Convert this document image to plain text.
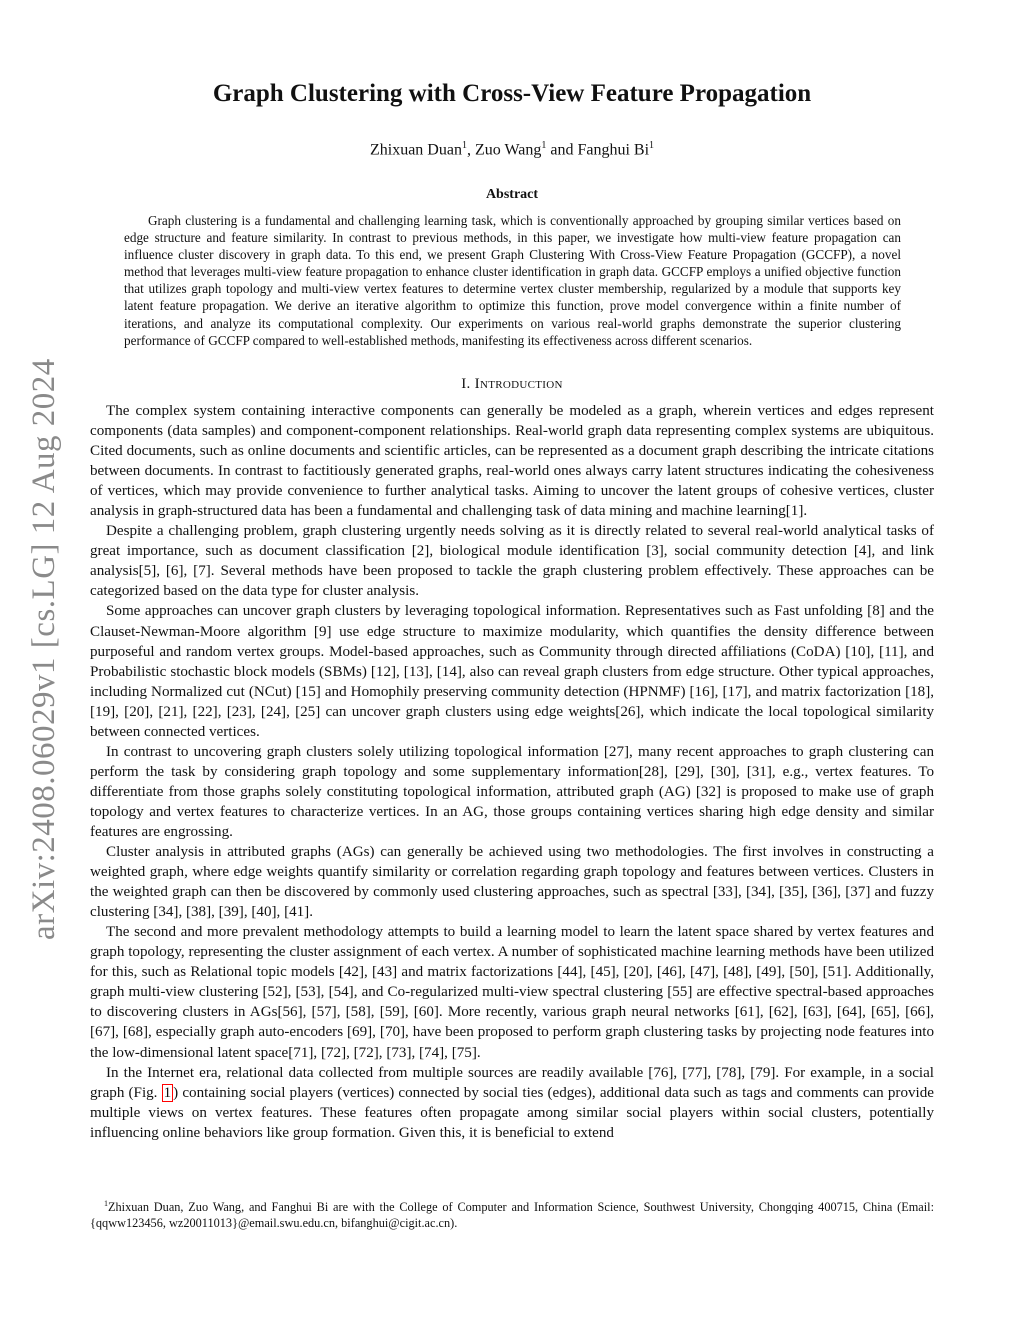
arXiv:2408.06029v1 [cs.LG] 12 Aug 2024
Graph Clustering with Cross-View Feature Propagation
Zhixuan Duan$^1$, Zuo Wang$^1$ and Fanghui Bi$^1$
Abstract

Graph clustering is a fundamental and challenging learning task, which is conventionally approached by grouping similar vertices based on edge structure and feature similarity. In contrast to previous methods, in this paper, we investigate how multi-view feature propagation can influence cluster discovery in graph data. To this end, we present Graph Clustering With Cross-View Feature Propagation (GCCFP), a novel method that leverages multi-view feature propagation to enhance cluster identification in graph data. GCCFP employs a unified objective function that utilizes graph topology and multi-view vertex features to determine vertex cluster membership, regularized by a module that supports key latent feature propagation. We derive an iterative algorithm to optimize this function, prove model convergence within a finite number of iterations, and analyze its computational complexity. Our experiments on various real-world graphs demonstrate the superior clustering performance of GCCFP compared to well-established methods, manifesting its effectiveness across different scenarios.

I. Introduction

The complex system containing interactive components can generally be modeled as a graph, wherein vertices and edges represent components (data samples) and component-component relationships. Real-world graph data representing complex systems are ubiquitous. Cited documents, such as online documents and scientific articles, can be represented as a document graph describing the intricate citations between documents. In contrast to factitiously generated graphs, real-world ones always carry latent structures indicating the cohesiveness of vertices, which may provide convenience to further analytical tasks. Aiming to uncover the latent groups of cohesive vertices, cluster analysis in graph-structured data has been a fundamental and challenging task of data mining and machine learning[1].

Despite a challenging problem, graph clustering urgently needs solving as it is directly related to several real-world analytical tasks of great importance, such as document classification [2], biological module identification [3], social community detection [4], and link analysis[5], [6], [7]. Several methods have been proposed to tackle the graph clustering problem effectively. These approaches can be categorized based on the data type for cluster analysis.

Some approaches can uncover graph clusters by leveraging topological information. Representatives such as Fast unfolding [8] and the Clauset-Newman-Moore algorithm [9] use edge structure to maximize modularity, which quantifies the density difference between purposeful and random vertex groups. Model-based approaches, such as Community through directed affiliations (CoDA) [10], [11], and Probabilistic stochastic block models (SBMs) [12], [13], [14], also can reveal graph clusters from edge structure. Other typical approaches, including Normalized cut (NCut) [15] and Homophily preserving community detection (HPNMF) [16], [17], and matrix factorization [18], [19], [20], [21], [22], [23], [24], [25] can uncover graph clusters using edge weights[26], which indicate the local topological similarity between connected vertices.

In contrast to uncovering graph clusters solely utilizing topological information [27], many recent approaches to graph clustering can perform the task by considering graph topology and some supplementary information[28], [29], [30], [31], e.g., vertex features. To differentiate from those graphs solely constituting topological information, attributed graph (AG) [32] is proposed to make use of graph topology and vertex features to characterize vertices. In an AG, those groups containing vertices sharing high edge density and similar features are engrossing.

Cluster analysis in attributed graphs (AGs) can generally be achieved using two methodologies. The first involves in constructing a weighted graph, where edge weights quantify similarity or correlation regarding graph topology and features between vertices. Clusters in the weighted graph can then be discovered by commonly used clustering approaches, such as spectral [33], [34], [35], [36], [37] and fuzzy clustering [34], [38], [39], [40], [41].

The second and more prevalent methodology attempts to build a learning model to learn the latent space shared by vertex features and graph topology, representing the cluster assignment of each vertex. A number of sophisticated machine learning methods have been utilized for this, such as Relational topic models [42], [43] and matrix factorizations [44], [45], [20], [46], [47], [48], [49], [50], [51]. Additionally, graph multi-view clustering [52], [53], [54], and Co-regularized multi-view spectral clustering [55] are effective spectral-based approaches to discovering clusters in AGs[56], [57], [58], [59], [60]. More recently, various graph neural networks [61], [62], [63], [64], [65], [66], [67], [68], especially graph auto-encoders [69], [70], have been proposed to perform graph clustering tasks by projecting node features into the low-dimensional latent space[71], [72], [72], [73], [74], [75].

In the Internet era, relational data collected from multiple sources are readily available [76], [77], [78], [79]. For example, in a social graph (Fig. 1 ) containing social players (vertices) connected by social ties (edges), additional data such as tags and comments can provide multiple views on vertex features. These features often propagate among similar social players within social clusters, potentially influencing online behaviors like group formation. Given this, it is beneficial to extend

$^1$Zhixuan Duan, Zuo Wang, and Fanghui Bi are with the College of Computer and Information Science, Southwest University, Chongqing 400715, China (Email: {qqww123456, wz20011013}@email.swu.edu.cn, bifanghui@cigit.ac.cn).
